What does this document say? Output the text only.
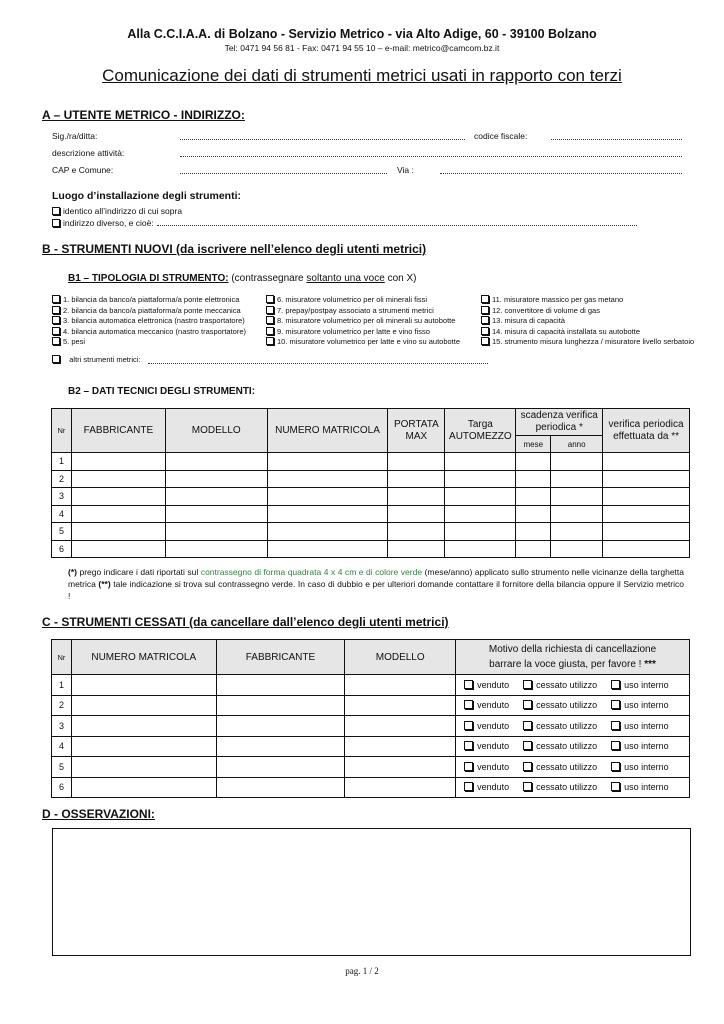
Alla C.C.I.A.A. di Bolzano - Servizio Metrico - via Alto Adige, 60 - 39100 Bolzano
Tel: 0471 94 56 81 - Fax: 0471 94 55 10 – e-mail: metrico@camcom.bz.it
Comunicazione dei dati di strumenti metrici usati in rapporto con terzi
A – UTENTE METRICO - INDIRIZZO:
Sig./ra/ditta:	codice fiscale:
descrizione attività:
CAP e Comune:	Via :
Luogo d’installazione degli strumenti:
identico all’indirizzo di cui sopra
indirizzo diverso, e cioè:
B - STRUMENTI NUOVI (da iscrivere nell’elenco degli utenti metrici)
B1 – TIPOLOGIA DI STRUMENTO: (contrassegnare soltanto una voce con X)
1. bilancia da banco/a piattaforma/a ponte elettronica
2. bilancia da banco/a piattaforma/a ponte meccanica
3. bilancia automatica elettronica (nastro trasportatore)
4. bilancia automatica meccanico (nastro trasportatore)
5. pesi
6. misuratore volumetrico per oli minerali fissi
7. prepay/postpay associato a strumenti metrici
8. misuratore volumetrico per oli minerali su autobotte
9. misuratore volumetrico per latte e vino fisso
10. misuratore volumetrico per latte e vino su autobotte
11. misuratore massico per gas metano
12. convertitore di volume di gas
13. misura di capacità
14. misura di capacità installata su autobotte
15. strumento misura lunghezza / misuratore livello serbatoio
altri strumenti metrici:
B2 – DATI TECNICI DEGLI STRUMENTI:
Nr	FABBRICANTE	MODELLO	NUMERO MATRICOLA	PORTATA MAX	Targa AUTOMEZZO	scadenza verifica periodica *		verifica periodica effettuata da **
						mese	anno	
1								
2								
3								
4								
5								
6								
(*) prego indicare i dati riportati sul contrassegno di forma quadrata 4 x 4 cm e di colore verde (mese/anno) applicato sullo strumento nelle vicinanze della targhetta metrica (**) tale indicazione si trova sul contrassegno verde. In caso di dubbio e per ulteriori domande contattare il fornitore della bilancia oppure il Servizio metrico !
C - STRUMENTI CESSATI (da cancellare dall’elenco degli utenti metrici)
Nr	NUMERO MATRICOLA	FABBRICANTE	MODELLO	Motivo della richiesta di cancellazione
barrare la voce giusta, per favore ! ***

1				venduto cessato utilizzo uso interno
2				venduto cessato utilizzo uso interno
3				venduto cessato utilizzo uso interno
4				venduto cessato utilizzo uso interno
5				venduto cessato utilizzo uso interno
6				venduto cessato utilizzo uso interno
D - OSSERVAZIONI:
pag. 1 / 2
